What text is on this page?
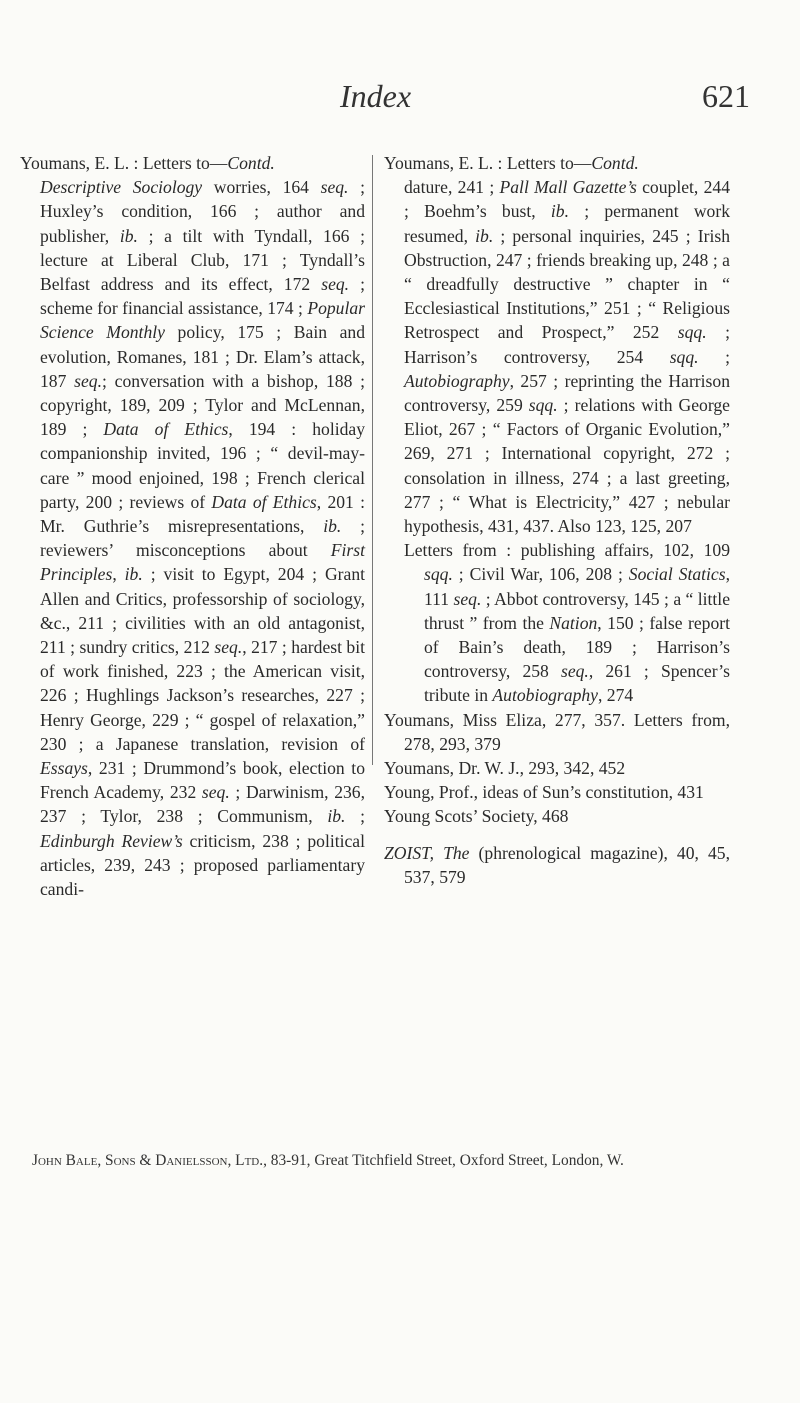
Index	621

Youmans, E. L. : Letters to—Contd.
Descriptive Sociology worries, 164 seq. ; Huxley’s condition, 166 ; author and publisher, ib. ; a tilt with Tyndall, 166 ; lecture at Liberal Club, 171 ; Tyndall’s Belfast address and its effect, 172 seq. ; scheme for financial assistance, 174 ; Popular Science Monthly policy, 175 ; Bain and evolution, Romanes, 181 ; Dr. Elam’s attack, 187 seq.; conversation with a bishop, 188 ; copyright, 189, 209 ; Tylor and McLennan, 189 ; Data of Ethics, 194 : holiday companionship invited, 196 ; “ devil-may-care ” mood enjoined, 198 ; French clerical party, 200 ; reviews of Data of Ethics, 201 : Mr. Guthrie’s misrepresentations, ib. ; reviewers’ misconceptions about First Principles, ib. ; visit to Egypt, 204 ; Grant Allen and Critics, professorship of sociology, &c., 211 ; civilities with an old antagonist, 211 ; sundry critics, 212 seq., 217 ; hardest bit of work finished, 223 ; the American visit, 226 ; Hughlings Jackson’s researches, 227 ; Henry George, 229 ; “ gospel of relaxation,” 230 ; a Japanese translation, revision of Essays, 231 ; Drummond’s book, election to French Academy, 232 seq. ; Darwinism, 236, 237 ; Tylor, 238 ; Communism, ib. ; Edinburgh Review’s criticism, 238 ; political articles, 239, 243 ; proposed parliamentary candi-

Youmans, E. L. : Letters to—Contd.
dature, 241 ; Pall Mall Gazette’s couplet, 244 ; Boehm’s bust, ib. ; permanent work resumed, ib. ; personal inquiries, 245 ; Irish Obstruction, 247 ; friends breaking up, 248 ; a “ dreadfully destructive ” chapter in “ Ecclesiastical Institutions,” 251 ; “ Religious Retrospect and Prospect,” 252 sqq. ; Harrison’s controversy, 254 sqq. ; Autobiography, 257 ; reprinting the Harrison controversy, 259 sqq. ; relations with George Eliot, 267 ; “ Factors of Organic Evolution,” 269, 271 ; International copyright, 272 ; consolation in illness, 274 ; a last greeting, 277 ; “ What is Electricity,” 427 ; nebular hypothesis, 431, 437. Also 123, 125, 207

Letters from : publishing affairs, 102, 109 sqq. ; Civil War, 106, 208 ; Social Statics, 111 seq. ; Abbot controversy, 145 ; a “ little thrust ” from the Nation, 150 ; false report of Bain’s death, 189 ; Harrison’s controversy, 258 seq., 261 ; Spencer’s tribute in Autobiography, 274

Youmans, Miss Eliza, 277, 357. Letters from, 278, 293, 379

Youmans, Dr. W. J., 293, 342, 452

Young, Prof., ideas of Sun’s constitution, 431

Young Scots’ Society, 468

ZOIST, The (phrenological magazine), 40, 45, 537, 579

John Bale, Sons & Danielsson, Ltd., 83-91, Great Titchfield Street, Oxford Street, London, W.
